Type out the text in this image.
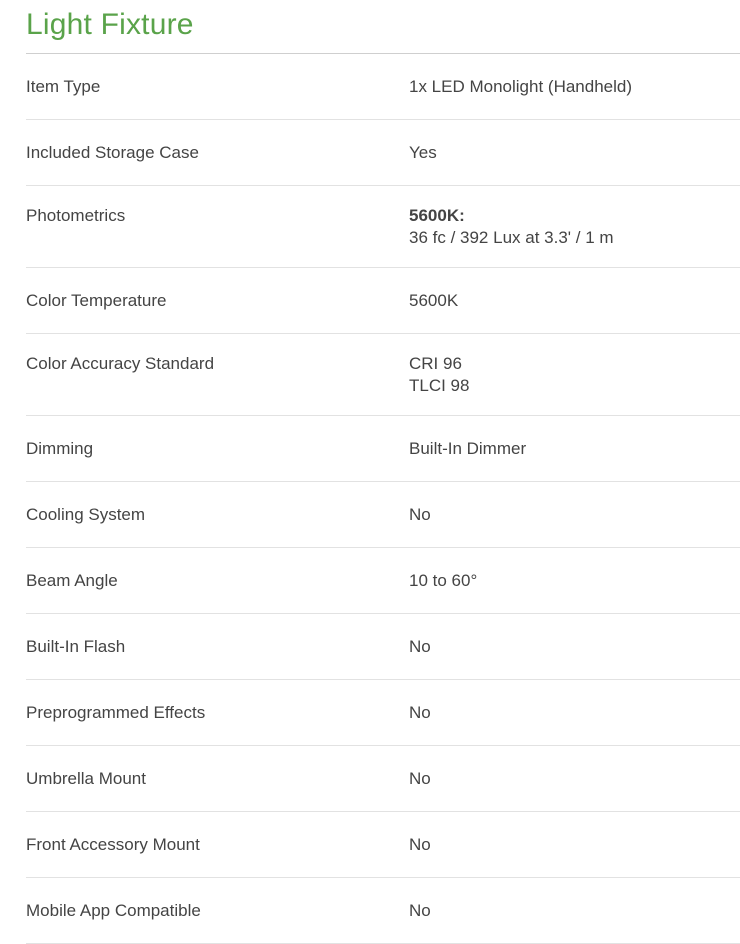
Light Fixture
Item Type	1x LED Monolight (Handheld)

Included Storage Case	Yes

Photometrics	5600K:
36 fc / 392 Lux at 3.3' / 1 m

Color Temperature	5600K

Color Accuracy Standard	CRI 96
TLCI 98

Dimming	Built-In Dimmer

Cooling System	No

Beam Angle	10 to 60°

Built-In Flash	No

Preprogrammed Effects	No

Umbrella Mount	No

Front Accessory Mount	No

Mobile App Compatible	No
